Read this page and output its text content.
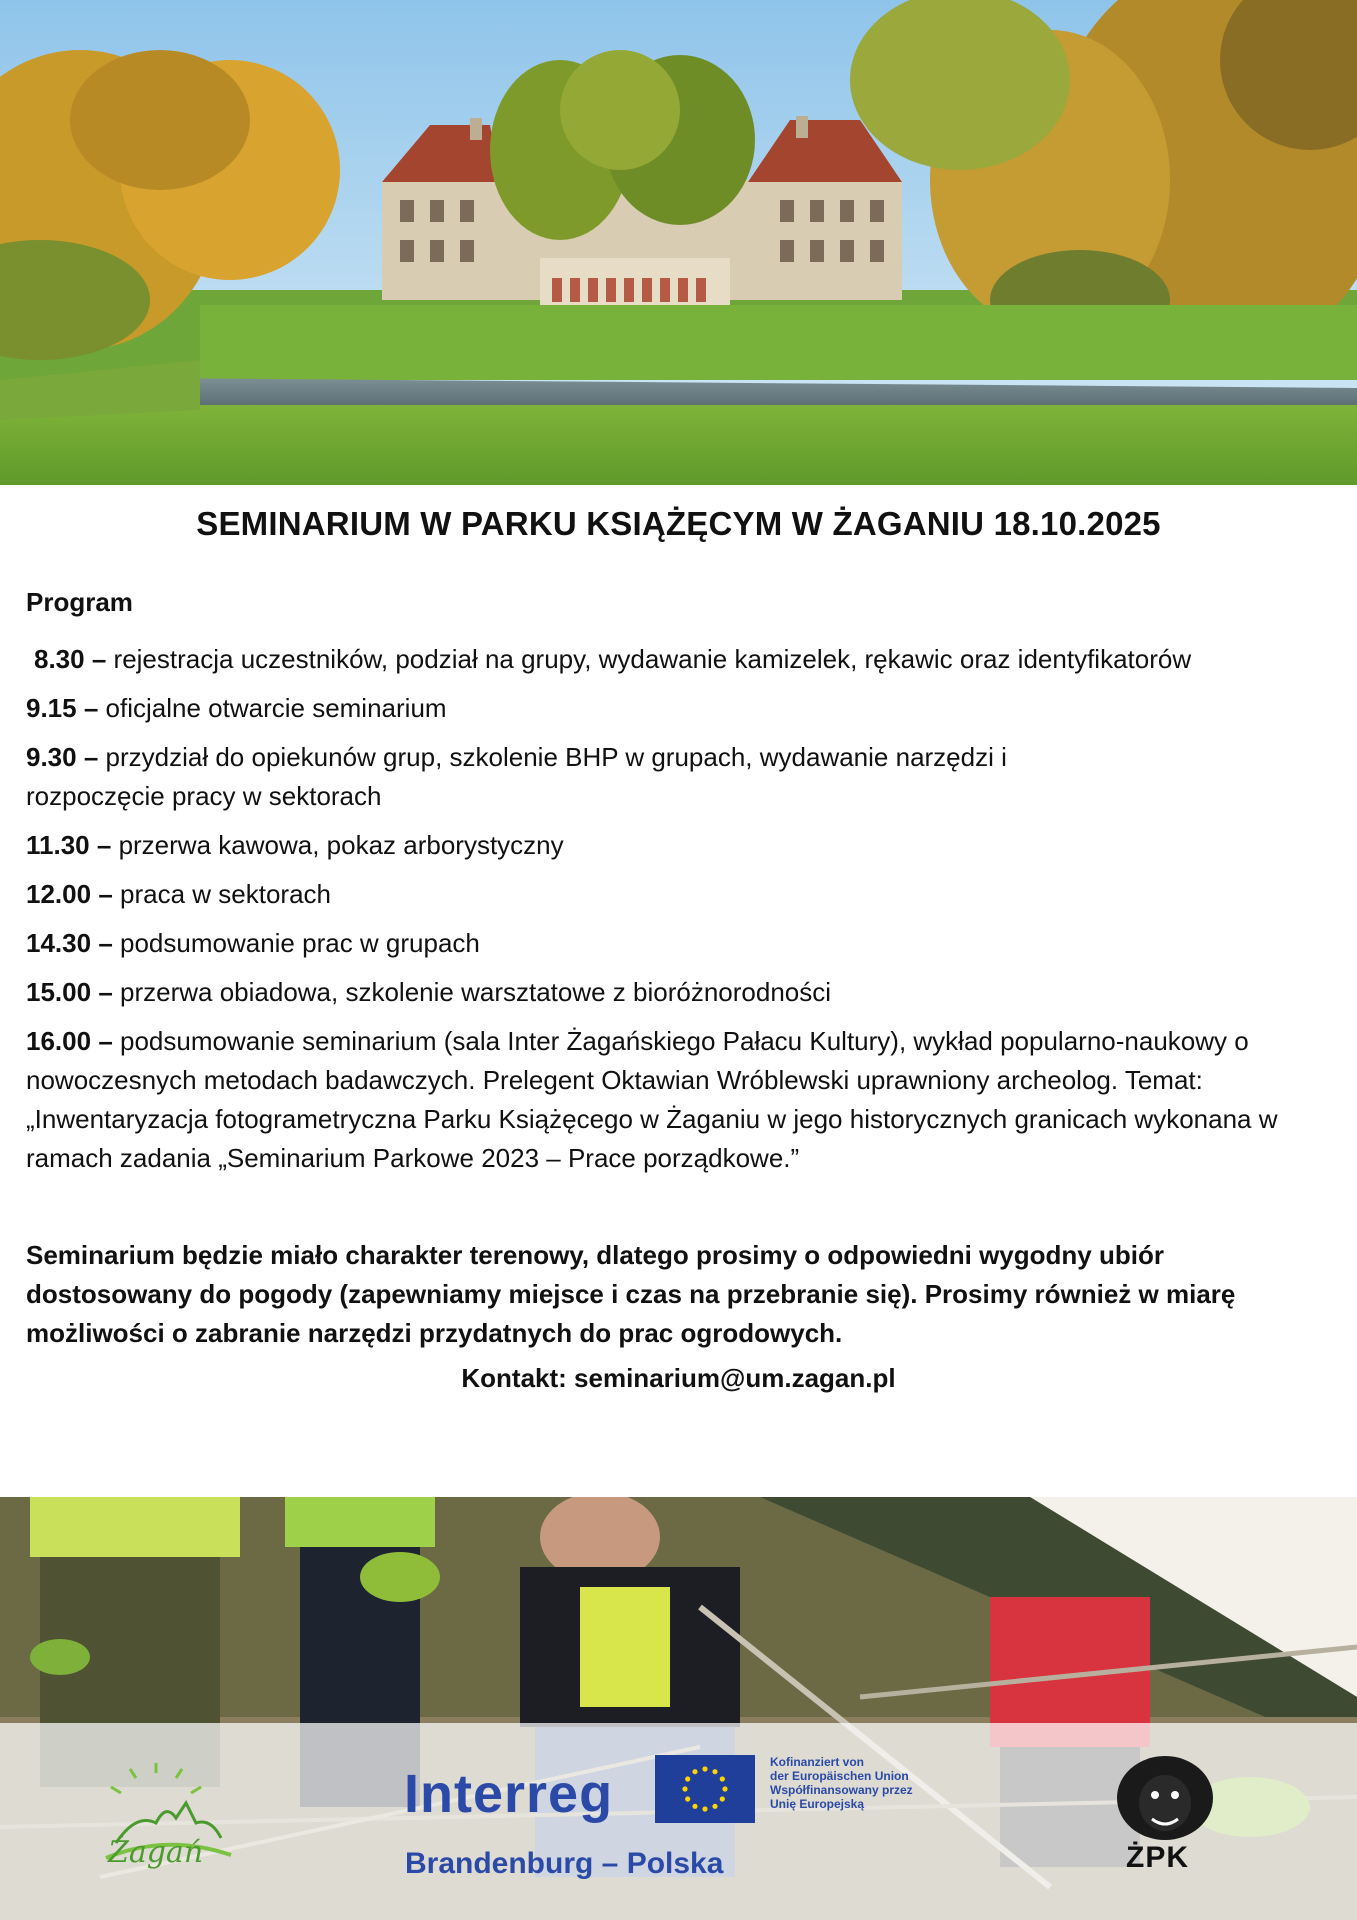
SEMINARIUM W PARKU KSIĄŻĘCYM W ŻAGANIU 18.10.2025
Program
8.30 – rejestracja uczestników, podział na grupy, wydawanie kamizelek, rękawic oraz identyfikatorów
9.15 – oficjalne otwarcie seminarium
9.30 – przydział do opiekunów grup, szkolenie BHP w grupach, wydawanie narzędzi i rozpoczęcie pracy w sektorach
11.30 – przerwa kawowa, pokaz arborystyczny
12.00 – praca w sektorach
14.30 – podsumowanie prac w grupach
15.00 – przerwa obiadowa, szkolenie warsztatowe z bioróżnorodności
16.00 – podsumowanie seminarium (sala Inter Żagańskiego Pałacu Kultury), wykład popularno-naukowy o nowoczesnych metodach badawczych. Prelegent Oktawian Wróblewski uprawniony archeolog. Temat: „Inwentaryzacja fotogrametryczna Parku Książęcego w Żaganiu w jego historycznych granicach wykonana w ramach zadania „Seminarium Parkowe 2023 – Prace porządkowe.”
Seminarium będzie miało charakter terenowy, dlatego prosimy o odpowiedni wygodny ubiór dostosowany do pogody (zapewniamy miejsce i czas na przebranie się). Prosimy również w miarę możliwości o zabranie narzędzi przydatnych do prac ogrodowych.
Kontakt: seminarium@um.zagan.pl
Żagań
Interreg
Kofinanziert von
der Europäischen Union
Współfinansowany przez
Unię Europejską
Brandenburg – Polska	ŻPK
